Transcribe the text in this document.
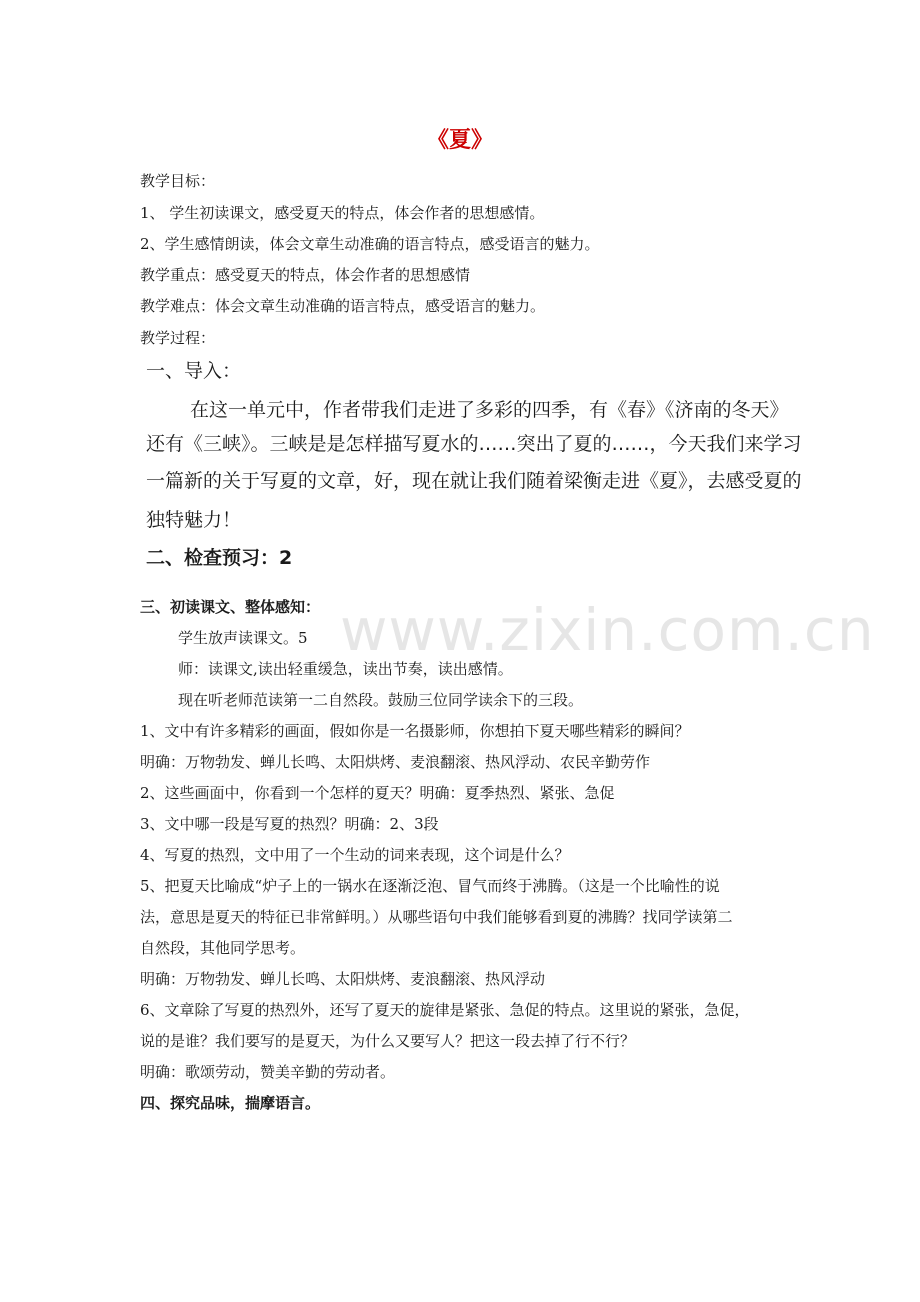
《夏》
教学目标：
1、 学生初读课文，感受夏天的特点，体会作者的思想感情。
2、学生感情朗读，体会文章生动准确的语言特点，感受语言的魅力。
教学重点：感受夏天的特点，体会作者的思想感情
教学难点：体会文章生动准确的语言特点，感受语言的魅力。
教学过程：
一、导入：
在这一单元中，作者带我们走进了多彩的四季，有《春》《济南的冬天》
还有《三峡》。三峡是是怎样描写夏水的……突出了夏的……，今天我们来学习
一篇新的关于写夏的文章，好，现在就让我们随着梁衡走进《夏》，去感受夏的
独特魅力！
二、检查预习：2
www.zixin.com.cn
三、初读课文、整体感知：
学生放声读课文。5
师：读课文,读出轻重缓急，读出节奏，读出感情。
现在听老师范读第一二自然段。鼓励三位同学读余下的三段。
1、文中有许多精彩的画面，假如你是一名摄影师，你想拍下夏天哪些精彩的瞬间？
明确：万物勃发、蝉儿长鸣、太阳烘烤、麦浪翻滚、热风浮动、农民辛勤劳作
2、这些画面中，你看到一个怎样的夏天？明确：夏季热烈、紧张、急促
3、文中哪一段是写夏的热烈？明确：2、3段
4、写夏的热烈，文中用了一个生动的词来表现，这个词是什么？
5、把夏天比喻成“炉子上的一锅水在逐渐泛泡、冒气而终于沸腾。（这是一个比喻性的说
法，意思是夏天的特征已非常鲜明。）从哪些语句中我们能够看到夏的沸腾？找同学读第二
自然段，其他同学思考。
明确：万物勃发、蝉儿长鸣、太阳烘烤、麦浪翻滚、热风浮动
6、文章除了写夏的热烈外，还写了夏天的旋律是紧张、急促的特点。这里说的紧张，急促，
说的是谁？我们要写的是夏天，为什么又要写人？把这一段去掉了行不行？
明确：歌颂劳动，赞美辛勤的劳动者。
四、探究品味，揣摩语言。
